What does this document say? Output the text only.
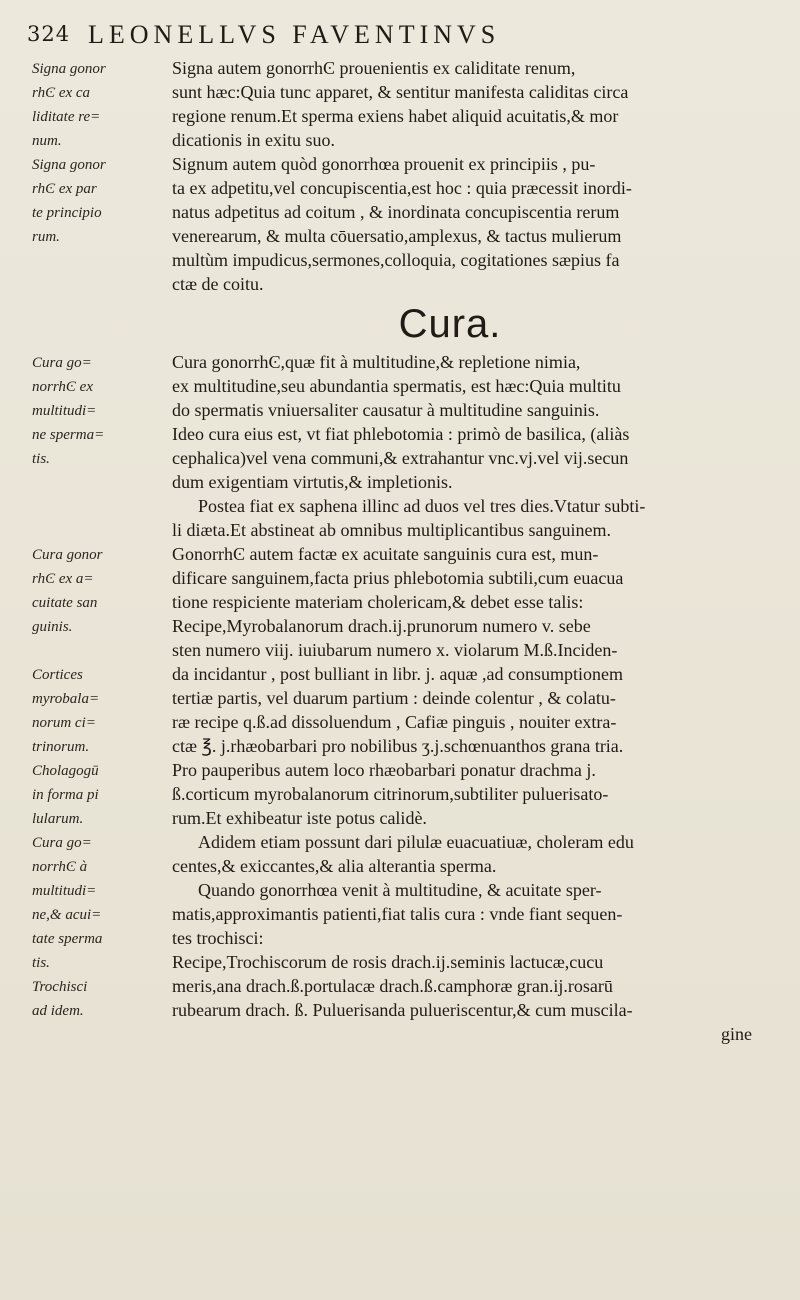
324 LEONELLVS FAVENTINVS
Signa gonor	Signa autem gonorrhϾ prouenientis ex caliditate renum,
rhϾ ex ca	sunt hæc:Quia tunc apparet, & sentitur manifesta caliditas circa
liditate re=	regione renum.Et sperma exiens habet aliquid acuitatis,& mor
num.	dicationis in exitu suo.
Signa gonor	Signum autem quòd gonorrhœa prouenit ex principiis , pu-
rhϾ ex par	ta ex adpetitu,vel concupiscentia,est hoc : quia præcessit inordi-
te principio	natus adpetitus ad coitum , & inordinata concupiscentia rerum
rum.	venerearum, & multa cōuersatio,amplexus, & tactus mulierum
multùm impudicus,sermones,colloquia, cogitationes sæpius fa
ctæ de coitu.
Cura.
Cura go=	Cura gonorrhϾ,quæ fit à multitudine,& repletione nimia,
norrhϾ ex	ex multitudine,seu abundantia spermatis, est hæc:Quia multitu
multitudi=	do spermatis vniuersaliter causatur à multitudine sanguinis.
ne sperma=	Ideo cura eius est, vt fiat phlebotomia : primò de basilica, (aliàs
tis.	cephalica)vel vena communi,& extrahantur vnc.vj.vel vij.secun
dum exigentiam virtutis,& impletionis.
Postea fiat ex saphena illinc ad duos vel tres dies.Vtatur subti-
li diæta.Et abstineat ab omnibus multiplicantibus sanguinem.
Cura gonor	GonorrhϾ autem factæ ex acuitate sanguinis cura est, mun-
rhϾ ex a=	dificare sanguinem,facta prius phlebotomia subtili,cum euacua
cuitate san	tione respiciente materiam cholericam,& debet esse talis:
guinis.	Recipe,Myrobalanorum drach.ij.prunorum numero v. sebe
sten numero viij. iuiubarum numero x. violarum M.ß.Inciden-
Cortices	da incidantur , post bulliant in libr. j. aquæ ,ad consumptionem
myrobala=	tertiæ partis, vel duarum partium : deinde colentur , & colatu-
norum ci=	ræ recipe q.ß.ad dissoluendum , Cafiæ pinguis , nouiter extra-
trinorum.	ctæ ℥. j.rhæobarbari pro nobilibus ʒ.j.schœnuanthos grana tria.
Cholagogū	Pro pauperibus autem loco rhæobarbari ponatur drachma j.
in forma pi	ß.corticum myrobalanorum citrinorum,subtiliter puluerisato-
lularum.	rum.Et exhibeatur iste potus calidè.
Cura go=	Adidem etiam possunt dari pilulæ euacuatiuæ, choleram edu
norrhϾ à	centes,& exiccantes,& alia alterantia sperma.
multitudi=	Quando gonorrhœa venit à multitudine, & acuitate sper-
ne,& acui=	matis,approximantis patienti,fiat talis cura : vnde fiant sequen-
tate sperma	tes trochisci:
tis.	Recipe,Trochiscorum de rosis drach.ij.seminis lactucæ,cucu
Trochisci	meris,ana drach.ß.portulacæ drach.ß.camphoræ gran.ij.rosarū
ad idem.	rubearum drach. ß. Puluerisanda pulueriscentur,& cum muscila-
gine
